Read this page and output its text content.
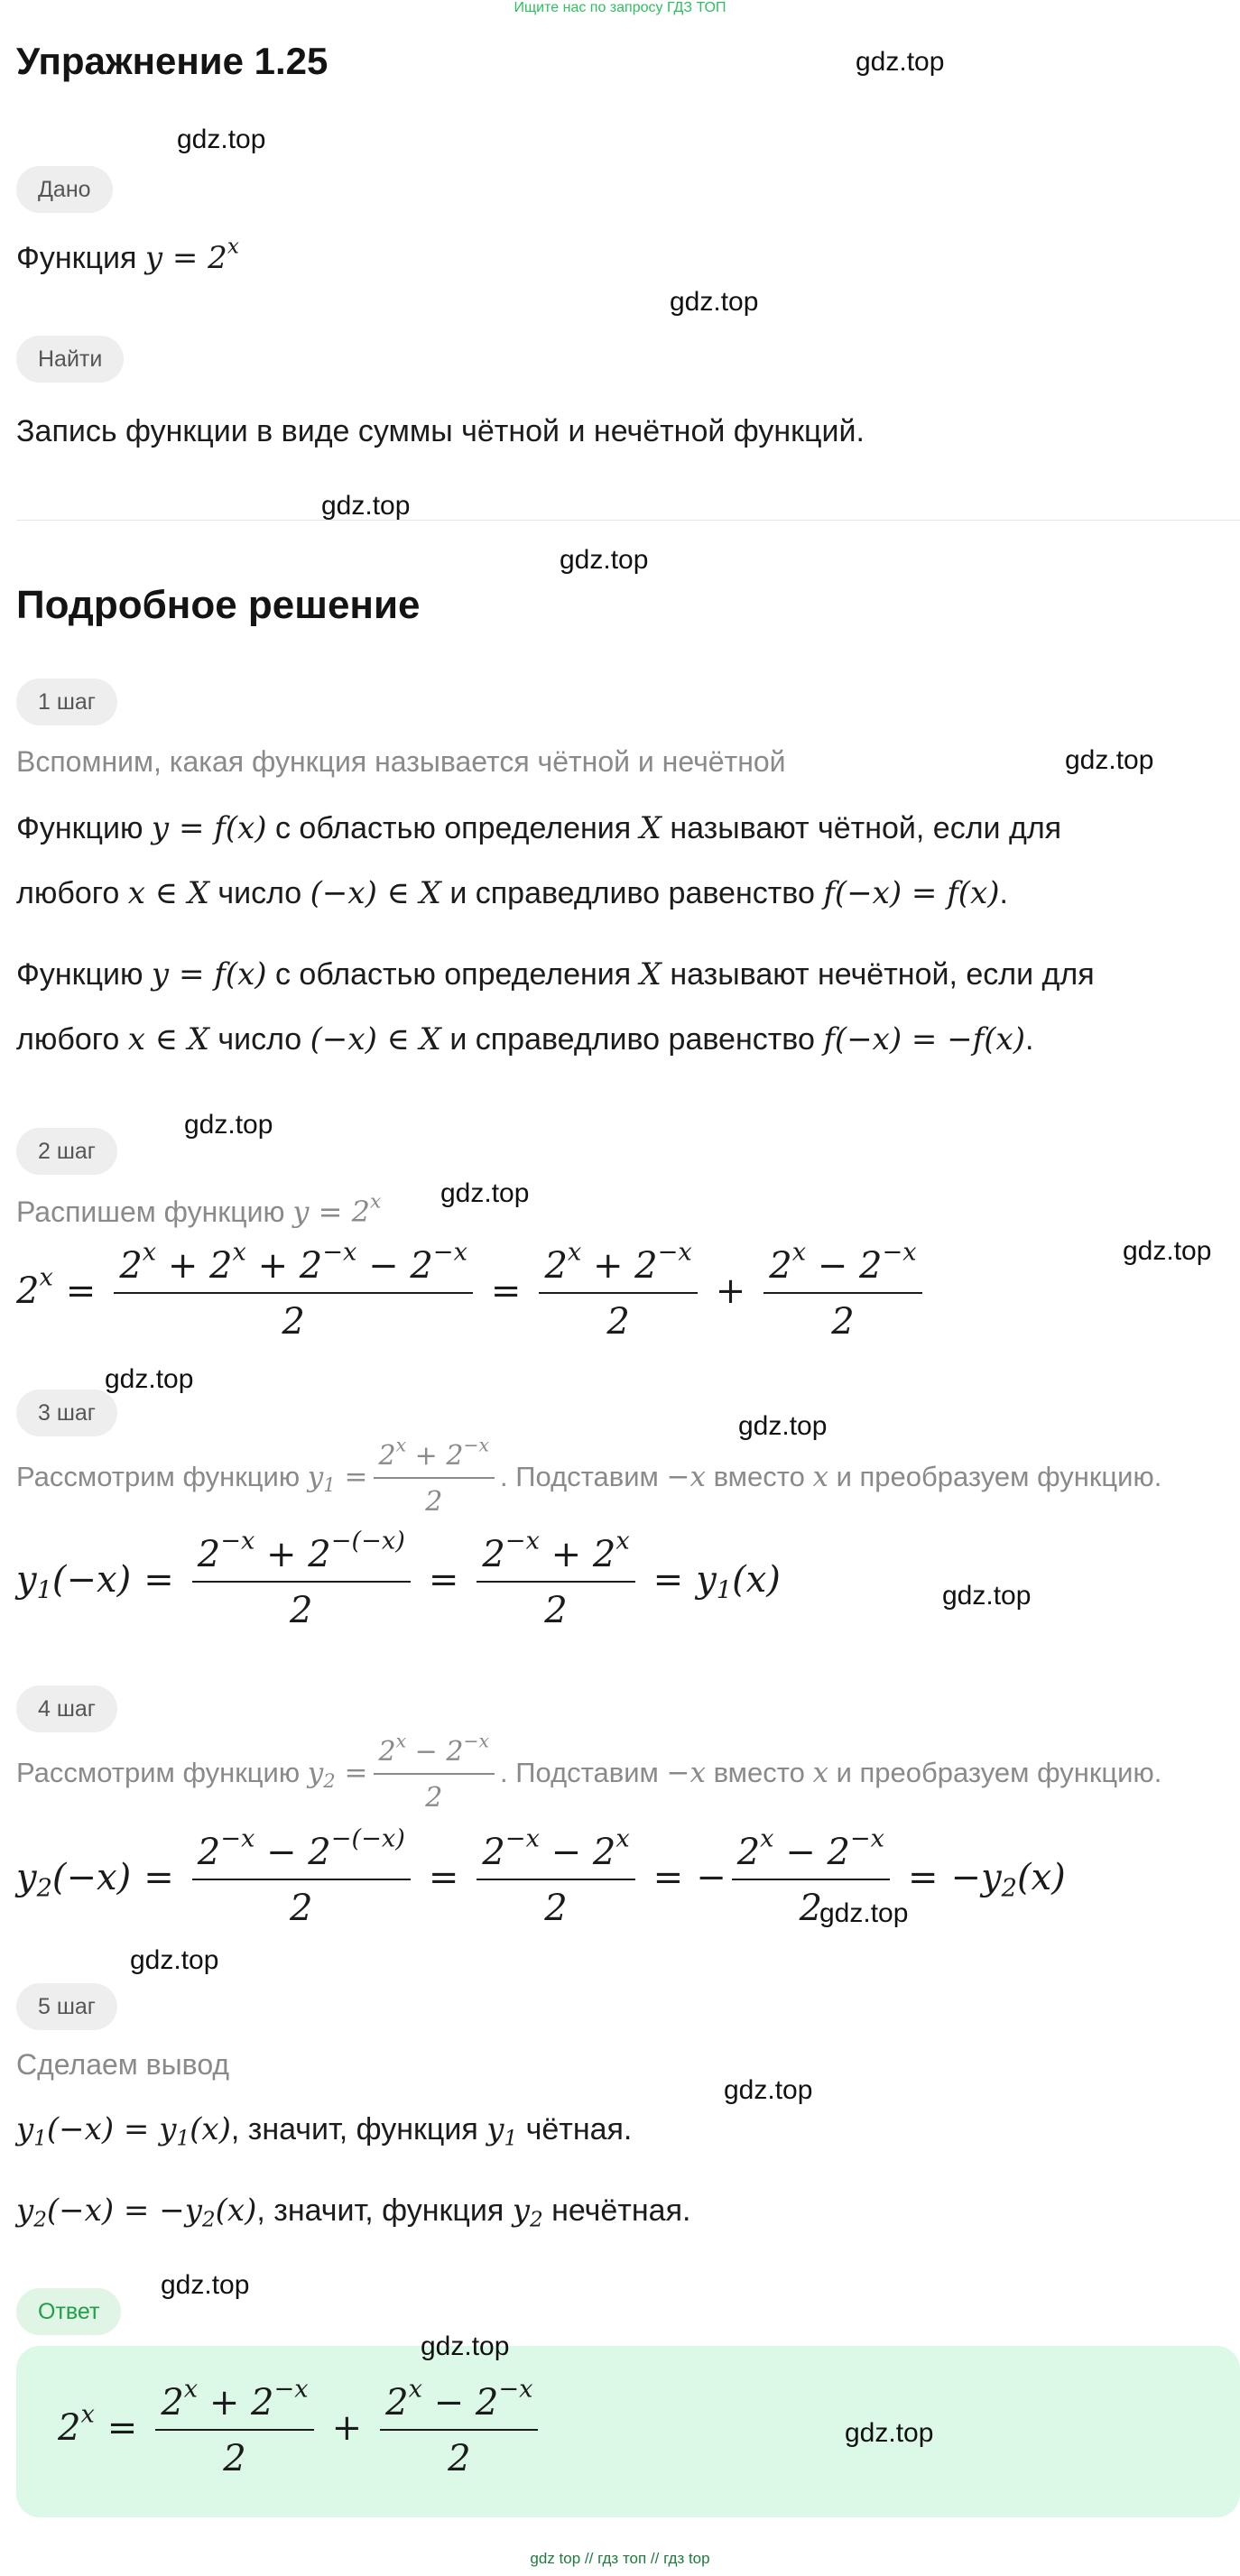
Ищите нас по запросу ГДЗ ТОП
Упражнение 1.25
Дано
Функция $y = 2^x$
Найти
Запись функции в виде суммы чётной и нечётной функций.
Подробное решение
1 шаг
Вспомним, какая функция называется чётной и нечётной
Функцию y = f(x) с областью определения X называют чётной, если для
любого x ∈ X число (−x) ∈ X и справедливо равенство f(−x) = f(x).
Функцию y = f(x) с областью определения X называют нечётной, если для
любого x ∈ X число (−x) ∈ X и справедливо равенство f(−x) = −f(x).
2 шаг
Распишем функцию $y = 2^x$
$2^x = \frac{2^x + 2^x + 2^{-x} - 2^{-x}}{2} = \frac{2^x + 2^{-x}}{2} + \frac{2^x - 2^{-x}}{2}$
3 шаг
Рассмотрим функцию $y_1 = \frac{2^x + 2^{-x}}{2}$ . Подставим −x вместо x и преобразуем функцию.
$y_1(-x) = \frac{2^{-x} + 2^{-(-x)}}{2} = \frac{2^{-x} + 2^x}{2} = y_1(x)$
4 шаг
Рассмотрим функцию $y_2 = \frac{2^x - 2^{-x}}{2}$ . Подставим −x вместо x и преобразуем функцию.
$y_2(-x) = \frac{2^{-x} - 2^{-(-x)}}{2} = \frac{2^{-x} - 2^x}{2}$ = − $\frac{2^x - 2^{-x}}{2} = -y_2(x)$
5 шаг
Сделаем вывод
$y_1(-x) = y_1(x)$, значит, функция $y_1$ чётная.
$y_2(-x) = -y_2(x)$, значит, функция $y_2$ нечётная.
Ответ
$2^x = \frac{2^x + 2^{-x}}{2} + \frac{2^x - 2^{-x}}{2}$
gdz.top
gdz.top
gdz.top
gdz.top
gdz.top
gdz.top
gdz.top
gdz.top
gdz.top
gdz.top
gdz.top
gdz.top
gdz.top
gdz.top
gdz.top
gdz.top
gdz.top
gdz.top
gdz top // гдз топ // гдз top
